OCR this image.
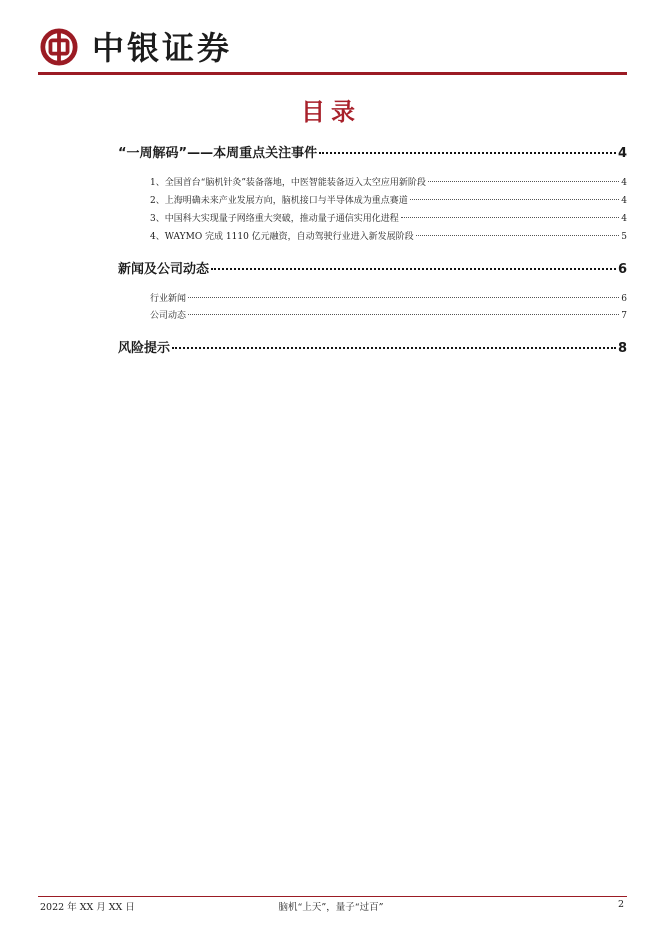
中银证券
目录
“一周解码”——本周重点关注事件	4
1、全国首台“脑机针灸”装备落地，中医智能装备迈入太空应用新阶段	4
2、上海明确未来产业发展方向，脑机接口与半导体成为重点赛道	4
3、中国科大实现量子网络重大突破，推动量子通信实用化进程	4
4、WAYMO 完成 1110 亿元融资，自动驾驶行业进入新发展阶段	5
新闻及公司动态	6
行业新闻	6
公司动态	7
风险提示	8
2022 年 XX 月 XX 日	脑机“上天”，量子“过百”	2
